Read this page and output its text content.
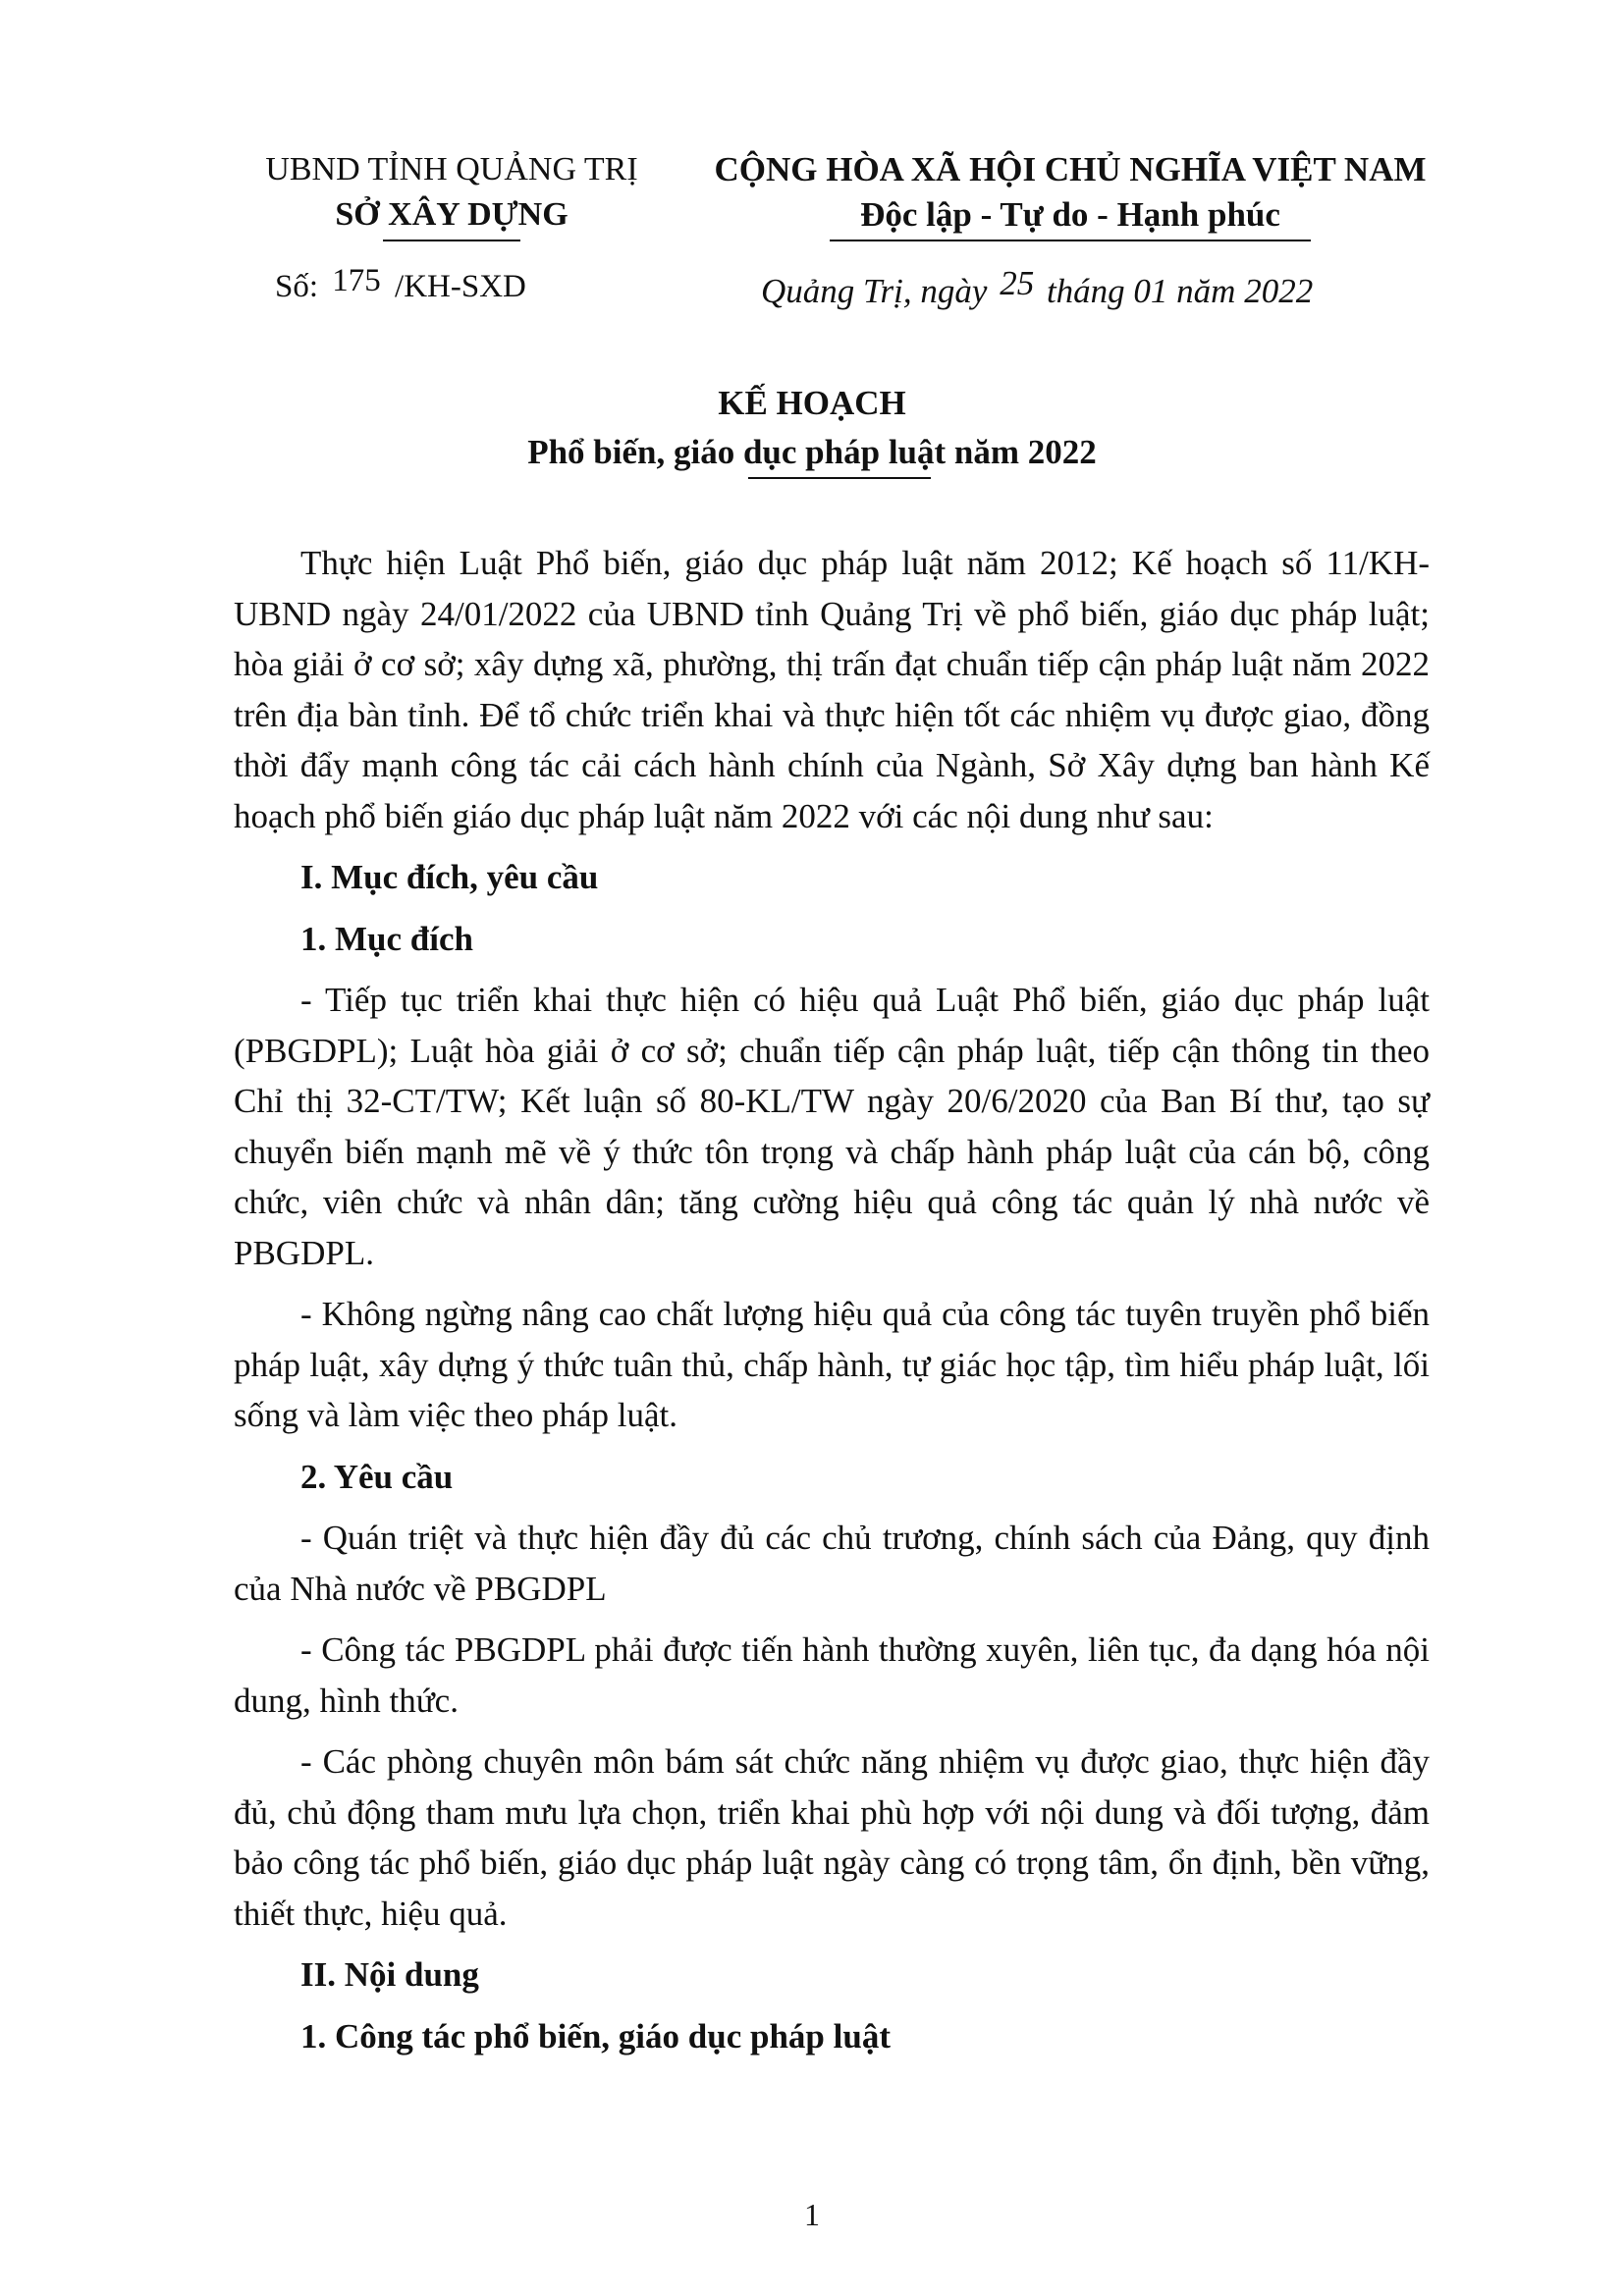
UBND TỈNH QUẢNG TRỊ
SỞ XÂY DỰNG
CỘNG HÒA XÃ HỘI CHỦ NGHĨA VIỆT NAM
Độc lập - Tự do - Hạnh phúc
Số: 175 /KH-SXD	Quảng Trị, ngày 25 tháng 01 năm 2022
KẾ HOẠCH
Phổ biến, giáo dục pháp luật năm 2022

Thực hiện Luật Phổ biến, giáo dục pháp luật năm 2012; Kế hoạch số 11/KH-UBND ngày 24/01/2022 của UBND tỉnh Quảng Trị về phổ biến, giáo dục pháp luật; hòa giải ở cơ sở; xây dựng xã, phường, thị trấn đạt chuẩn tiếp cận pháp luật năm 2022 trên địa bàn tỉnh. Để tổ chức triển khai và thực hiện tốt các nhiệm vụ được giao, đồng thời đẩy mạnh công tác cải cách hành chính của Ngành, Sở Xây dựng ban hành Kế hoạch phổ biến giáo dục pháp luật năm 2022 với các nội dung như sau:

I. Mục đích, yêu cầu

1. Mục đích

- Tiếp tục triển khai thực hiện có hiệu quả Luật Phổ biến, giáo dục pháp luật (PBGDPL); Luật hòa giải ở cơ sở; chuẩn tiếp cận pháp luật, tiếp cận thông tin theo Chỉ thị 32-CT/TW; Kết luận số 80-KL/TW ngày 20/6/2020 của Ban Bí thư, tạo sự chuyển biến mạnh mẽ về ý thức tôn trọng và chấp hành pháp luật của cán bộ, công chức, viên chức và nhân dân; tăng cường hiệu quả công tác quản lý nhà nước về PBGDPL.

- Không ngừng nâng cao chất lượng hiệu quả của công tác tuyên truyền phổ biến pháp luật, xây dựng ý thức tuân thủ, chấp hành, tự giác học tập, tìm hiểu pháp luật, lối sống và làm việc theo pháp luật.

2. Yêu cầu

- Quán triệt và thực hiện đầy đủ các chủ trương, chính sách của Đảng, quy định của Nhà nước về PBGDPL

- Công tác PBGDPL phải được tiến hành thường xuyên, liên tục, đa dạng hóa nội dung, hình thức.

- Các phòng chuyên môn bám sát chức năng nhiệm vụ được giao, thực hiện đầy đủ, chủ động tham mưu lựa chọn, triển khai phù hợp với nội dung và đối tượng, đảm bảo công tác phổ biến, giáo dục pháp luật ngày càng có trọng tâm, ổn định, bền vững, thiết thực, hiệu quả.

II. Nội dung

1. Công tác phổ biến, giáo dục pháp luật

1
